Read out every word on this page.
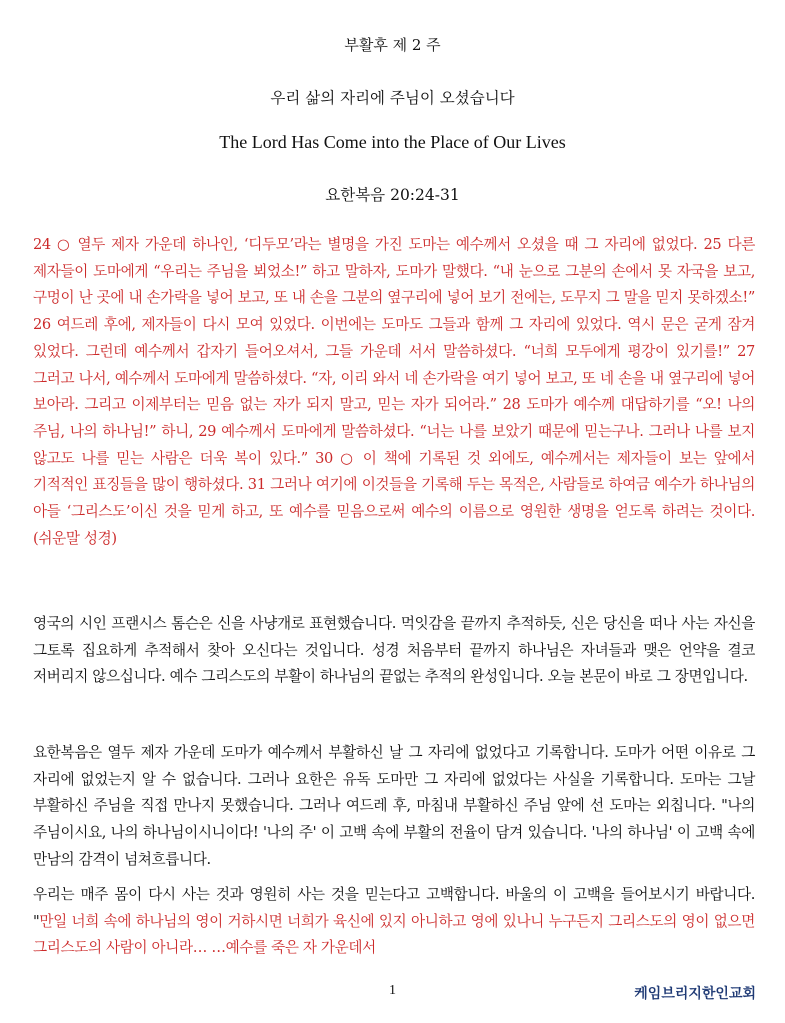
부활후 제 2 주
우리 삶의 자리에 주님이 오셨습니다
The Lord Has Come into the Place of Our Lives
요한복음 20:24-31

24 ○ 열두 제자 가운데 하나인, ‘디두모’라는 별명을 가진 도마는 예수께서 오셨을 때 그 자리에 없었다. 25 다른 제자들이 도마에게 “우리는 주님을 뵈었소!” 하고 말하자, 도마가 말했다. “내 눈으로 그분의 손에서 못 자국을 보고, 구멍이 난 곳에 내 손가락을 넣어 보고, 또 내 손을 그분의 옆구리에 넣어 보기 전에는, 도무지 그 말을 믿지 못하겠소!” 26 여드레 후에, 제자들이 다시 모여 있었다. 이번에는 도마도 그들과 함께 그 자리에 있었다. 역시 문은 굳게 잠겨 있었다. 그런데 예수께서 갑자기 들어오셔서, 그들 가운데 서서 말씀하셨다. “너희 모두에게 평강이 있기를!” 27 그러고 나서, 예수께서 도마에게 말씀하셨다. “자, 이리 와서 네 손가락을 여기 넣어 보고, 또 네 손을 내 옆구리에 넣어 보아라. 그리고 이제부터는 믿음 없는 자가 되지 말고, 믿는 자가 되어라.” 28 도마가 예수께 대답하기를 “오! 나의 주님, 나의 하나님!” 하니, 29 예수께서 도마에게 말씀하셨다. “너는 나를 보았기 때문에 믿는구나. 그러나 나를 보지 않고도 나를 믿는 사람은 더욱 복이 있다.” 30 ○ 이 책에 기록된 것 외에도, 예수께서는 제자들이 보는 앞에서 기적적인 표징들을 많이 행하셨다. 31 그러나 여기에 이것들을 기록해 두는 목적은, 사람들로 하여금 예수가 하나님의 아들 ‘그리스도’이신 것을 믿게 하고, 또 예수를 믿음으로써 예수의 이름으로 영원한 생명을 얻도록 하려는 것이다.(쉬운말 성경)

영국의 시인 프랜시스 톰슨은 신을 사냥개로 표현했습니다. 먹잇감을 끝까지 추적하듯, 신은 당신을 떠나 사는 자신을 그토록 집요하게 추적해서 찾아 오신다는 것입니다. 성경 처음부터 끝까지 하나님은 자녀들과 맺은 언약을 결코 저버리지 않으십니다. 예수 그리스도의 부활이 하나님의 끝없는 추적의 완성입니다. 오늘 본문이 바로 그 장면입니다.

요한복음은 열두 제자 가운데 도마가 예수께서 부활하신 날 그 자리에 없었다고 기록합니다. 도마가 어떤 이유로 그 자리에 없었는지 알 수 없습니다. 그러나 요한은 유독 도마만 그 자리에 없었다는 사실을 기록합니다. 도마는 그날 부활하신 주님을 직접 만나지 못했습니다. 그러나 여드레 후, 마침내 부활하신 주님 앞에 선 도마는 외칩니다. "나의 주님이시요, 나의 하나님이시니이다! '나의 주' 이 고백 속에 부활의 전율이 담겨 있습니다. '나의 하나님' 이 고백 속에 만남의 감격이 넘쳐흐릅니다.

우리는 매주 몸이 다시 사는 것과 영원히 사는 것을 믿는다고 고백합니다. 바울의 이 고백을 들어보시기 바랍니다. "만일 너희 속에 하나님의 영이 거하시면 너희가 육신에 있지 아니하고 영에 있나니 누구든지 그리스도의 영이 없으면 그리스도의 사람이 아니라… …예수를 죽은 자 가운데서

1	케임브리지한인교회
